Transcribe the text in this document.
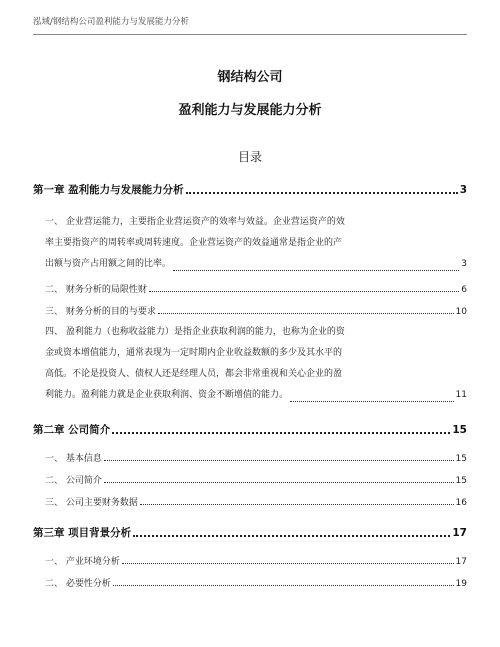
泓域/钢结构公司盈利能力与发展能力分析
钢结构公司
盈利能力与发展能力分析
目录
第一章 盈利能力与发展能力分析	3
一、 企业营运能力，主要指企业营运资产的效率与效益。企业营运资产的效
率主要指资产的周转率或周转速度。企业营运资产的效益通常是指企业的产
出额与资产占用额之间的比率。	3
二、 财务分析的局限性财	6
三、 财务分析的目的与要求	10
四、 盈利能力（也称收益能力）是指企业获取利润的能力，也称为企业的资
金或资本增值能力，通常表现为一定时期内企业收益数额的多少及其水平的
高低。不论是投资人、债权人还是经理人员，都会非常重视和关心企业的盈
利能力。盈利能力就是企业获取利润、资金不断增值的能力。	11
第二章 公司简介	15
一、 基本信息	15
二、 公司简介	15
三、 公司主要财务数据	16
第三章 项目背景分析	17
一、 产业环境分析	17
二、 必要性分析	19
